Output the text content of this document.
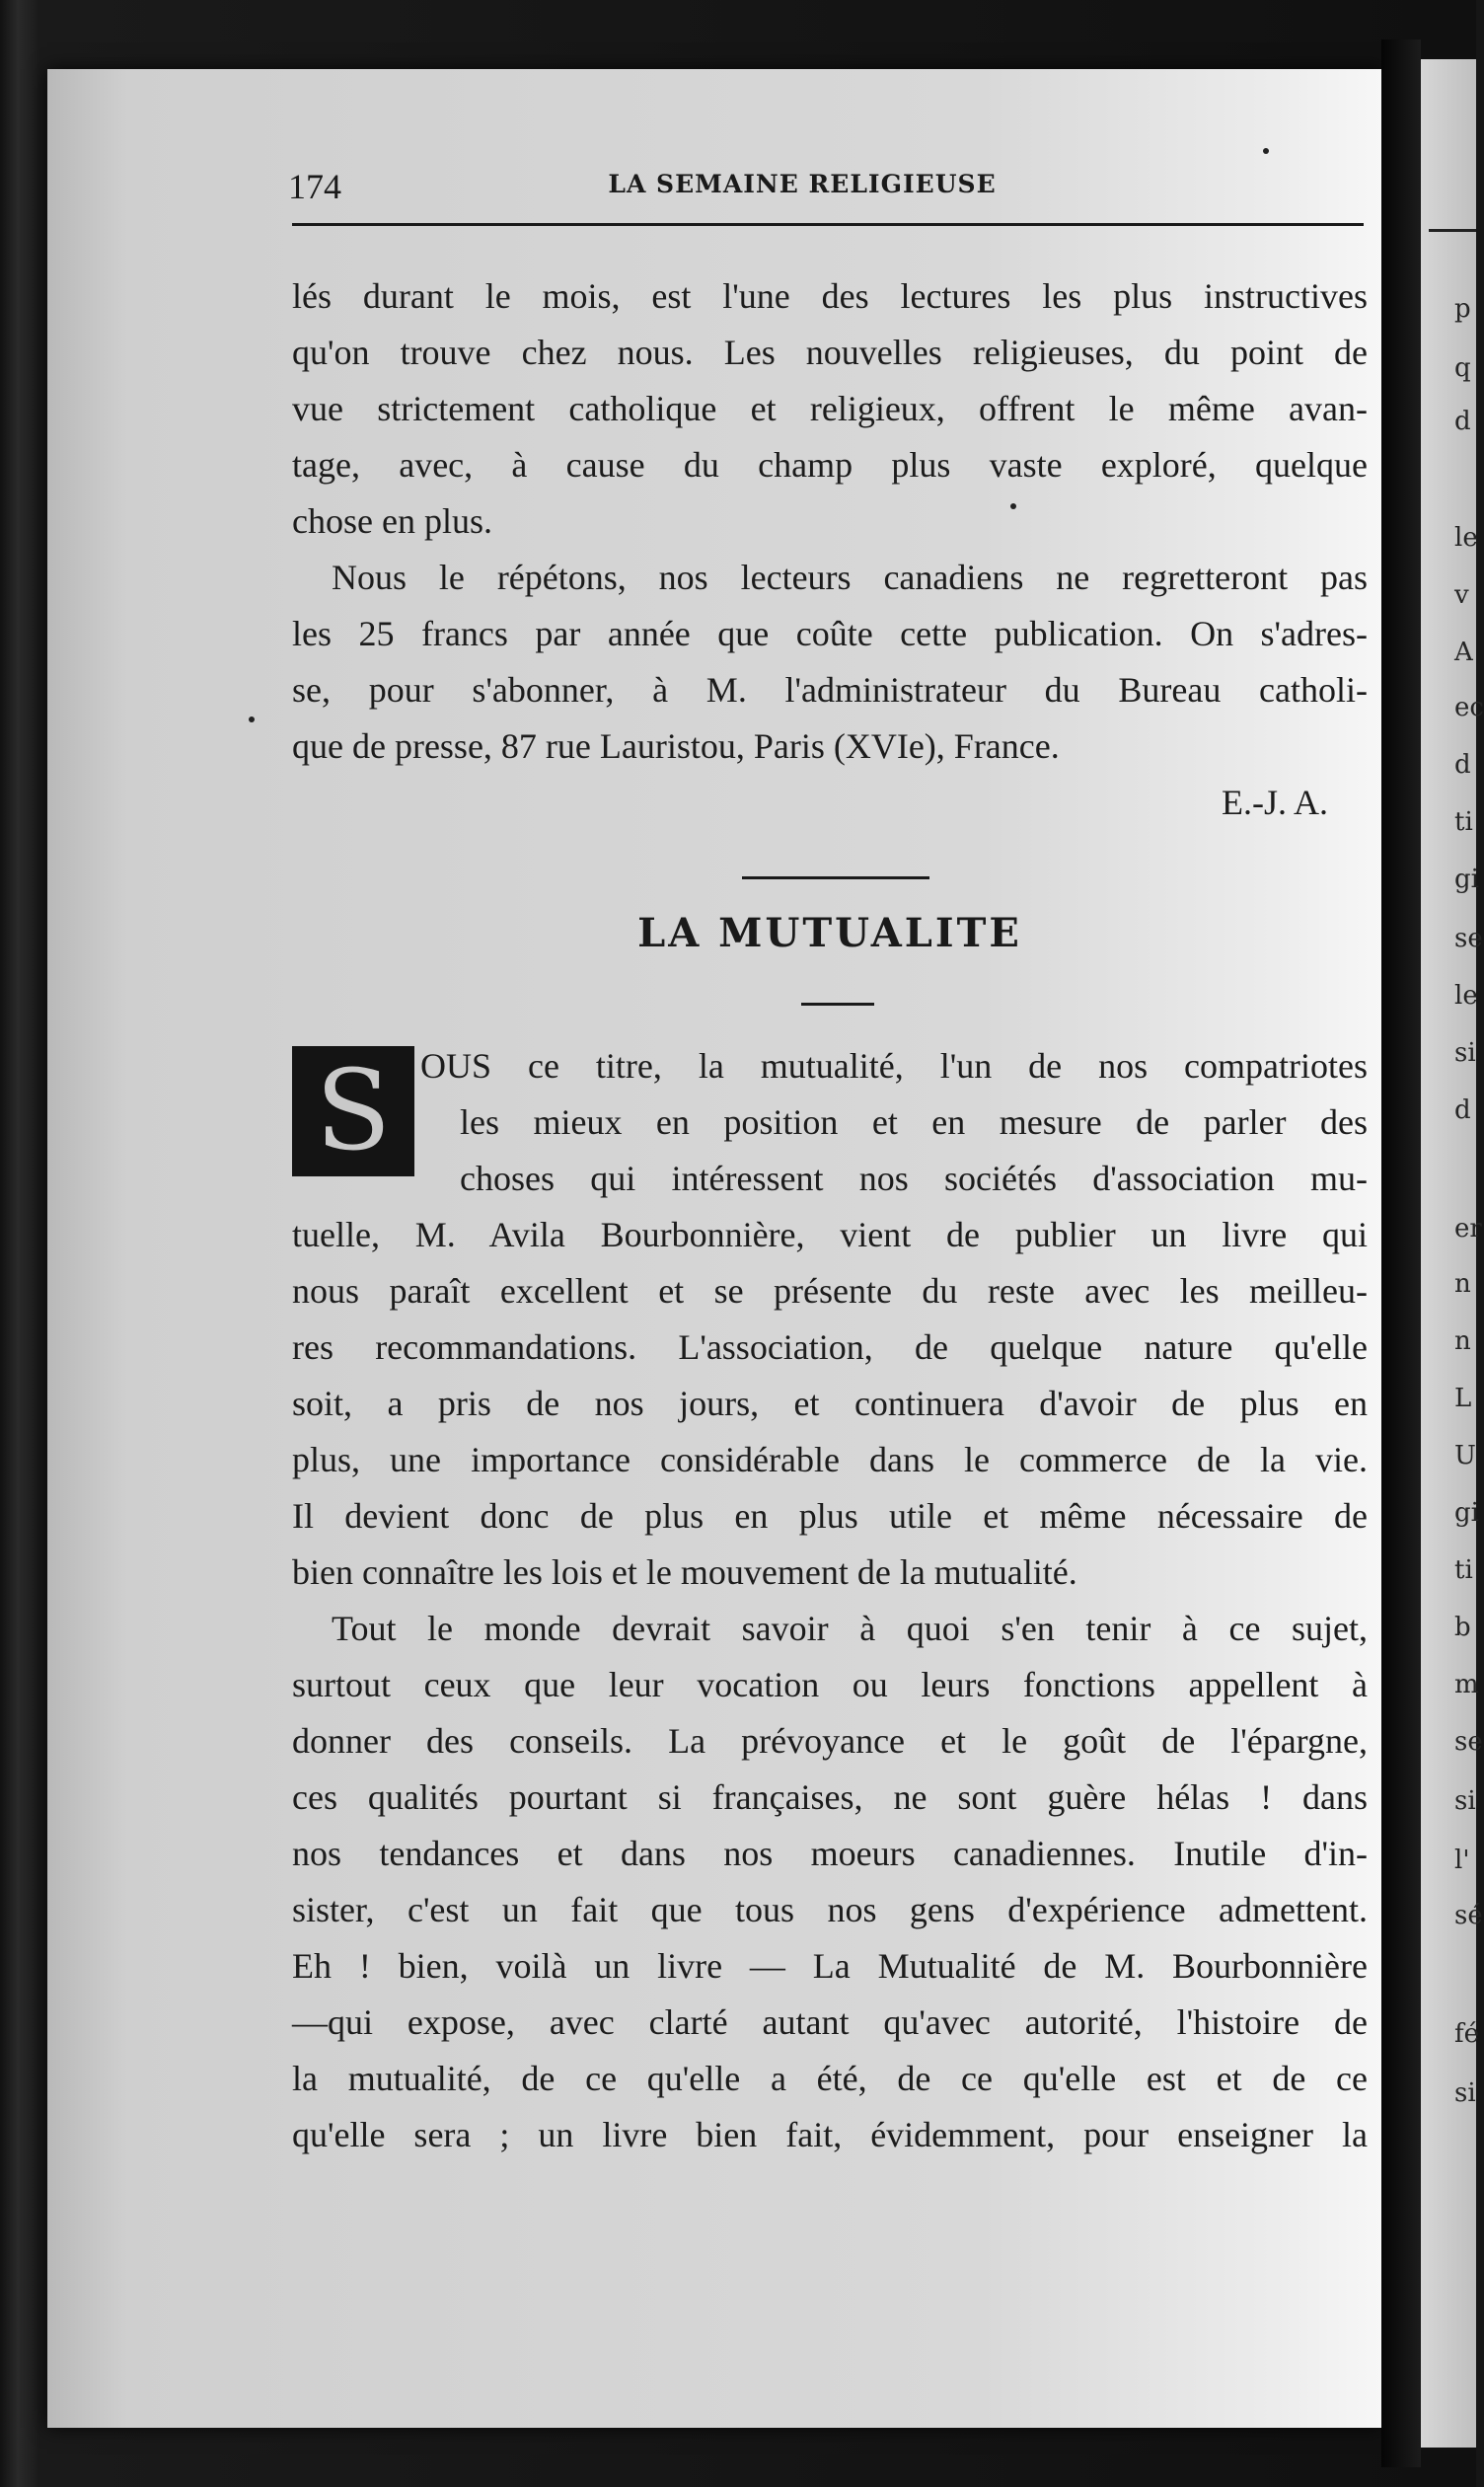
p
q
d
le
v
A
ec
d
ti
gi
se
le
si
d
er
n
n
L
U
gi
ti
b
m
se
si
l'
sé
fé
si
174	LA SEMAINE RELIGIEUSE
lés durant le mois, est l'une des lectures les plus instructives
qu'on trouve chez nous. Les nouvelles religieuses, du point de
vue strictement catholique et religieux, offrent le même avan-
tage, avec, à cause du champ plus vaste exploré, quelque
chose en plus.
Nous le répétons, nos lecteurs canadiens ne regretteront pas
les 25 francs par année que coûte cette publication. On s'adres-
se, pour s'abonner, à M. l'administrateur du Bureau catholi-
que de presse, 87 rue Lauristou, Paris (XVIe), France.
E.-J. A.
LA MUTUALITE
S OUS ce titre, la mutualité, l'un de nos compatriotes
les mieux en position et en mesure de parler des
choses qui intéressent nos sociétés d'association mu-
tuelle, M. Avila Bourbonnière, vient de publier un livre qui
nous paraît excellent et se présente du reste avec les meilleu-
res recommandations. L'association, de quelque nature qu'elle
soit, a pris de nos jours, et continuera d'avoir de plus en
plus, une importance considérable dans le commerce de la vie.
Il devient donc de plus en plus utile et même nécessaire de
bien connaître les lois et le mouvement de la mutualité.
Tout le monde devrait savoir à quoi s'en tenir à ce sujet,
surtout ceux que leur vocation ou leurs fonctions appellent à
donner des conseils. La prévoyance et le goût de l'épargne,
ces qualités pourtant si françaises, ne sont guère hélas ! dans
nos tendances et dans nos moeurs canadiennes. Inutile d'in-
sister, c'est un fait que tous nos gens d'expérience admettent.
Eh ! bien, voilà un livre — La Mutualité de M. Bourbonnière
—qui expose, avec clarté autant qu'avec autorité, l'histoire de
la mutualité, de ce qu'elle a été, de ce qu'elle est et de ce
qu'elle sera ; un livre bien fait, évidemment, pour enseigner la
